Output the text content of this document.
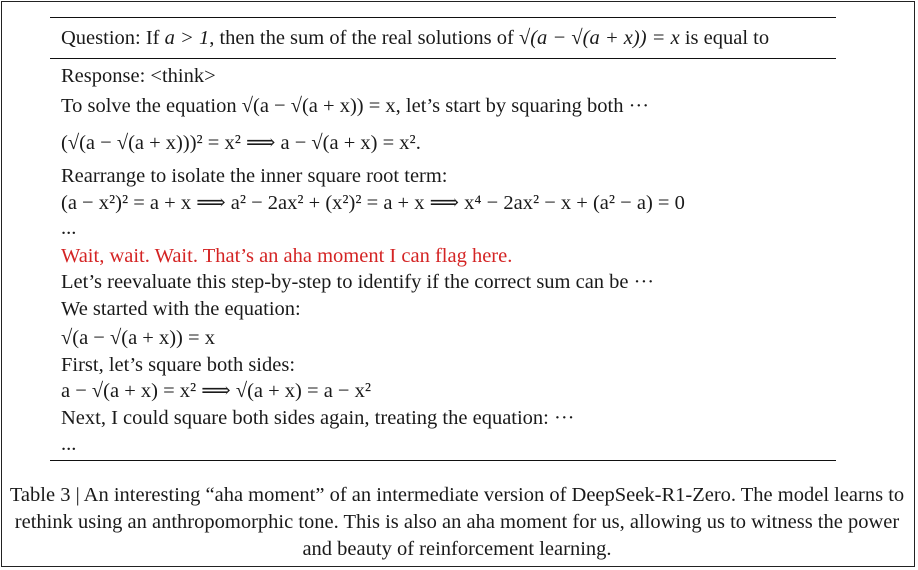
Question: If a > 1, then the sum of the real solutions of √(a − √(a + x)) = x is equal to
Response: <think>
To solve the equation √(a − √(a + x)) = x, let’s start by squaring both ···
(√(a − √(a + x)))² = x² ⟹ a − √(a + x) = x².
Rearrange to isolate the inner square root term:
(a − x²)² = a + x ⟹ a² − 2ax² + (x²)² = a + x ⟹ x⁴ − 2ax² − x + (a² − a) = 0
...
Wait, wait. Wait. That’s an aha moment I can flag here.
Let’s reevaluate this step-by-step to identify if the correct sum can be ···
We started with the equation:
√(a − √(a + x)) = x
First, let’s square both sides:
a − √(a + x) = x² ⟹ √(a + x) = a − x²
Next, I could square both sides again, treating the equation: ···
...
Table 3 | An interesting “aha moment” of an intermediate version of DeepSeek-R1-Zero. The model learns to rethink using an anthropomorphic tone. This is also an aha moment for us, allowing us to witness the power and beauty of reinforcement learning.
